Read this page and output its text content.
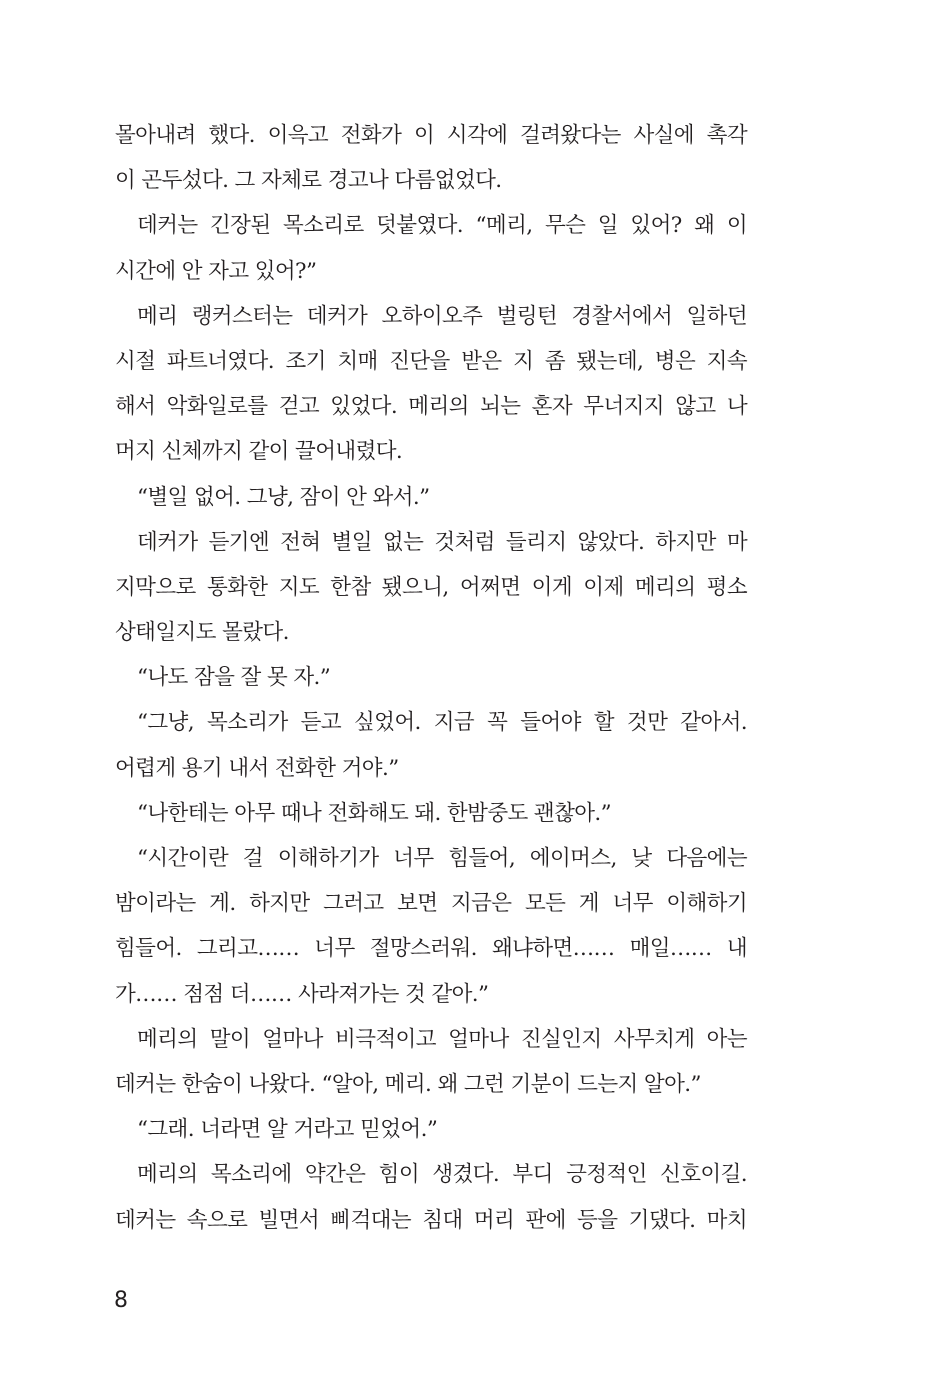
몰아내려 했다. 이윽고 전화가 이 시각에 걸려왔다는 사실에 촉각
이 곤두섰다. 그 자체로 경고나 다름없었다.
데커는 긴장된 목소리로 덧붙였다. “메리, 무슨 일 있어? 왜 이
시간에 안 자고 있어?”
메리 랭커스터는 데커가 오하이오주 벌링턴 경찰서에서 일하던
시절 파트너였다. 조기 치매 진단을 받은 지 좀 됐는데, 병은 지속
해서 악화일로를 걷고 있었다. 메리의 뇌는 혼자 무너지지 않고 나
머지 신체까지 같이 끌어내렸다.
“별일 없어. 그냥, 잠이 안 와서.”
데커가 듣기엔 전혀 별일 없는 것처럼 들리지 않았다. 하지만 마
지막으로 통화한 지도 한참 됐으니, 어쩌면 이게 이제 메리의 평소
상태일지도 몰랐다.
“나도 잠을 잘 못 자.”
“그냥, 목소리가 듣고 싶었어. 지금 꼭 들어야 할 것만 같아서.
어렵게 용기 내서 전화한 거야.”
“나한테는 아무 때나 전화해도 돼. 한밤중도 괜찮아.”
“시간이란 걸 이해하기가 너무 힘들어, 에이머스, 낮 다음에는
밤이라는 게. 하지만 그러고 보면 지금은 모든 게 너무 이해하기
힘들어. 그리고…… 너무 절망스러워. 왜냐하면…… 매일…… 내
가…… 점점 더…… 사라져가는 것 같아.”
메리의 말이 얼마나 비극적이고 얼마나 진실인지 사무치게 아는
데커는 한숨이 나왔다. “알아, 메리. 왜 그런 기분이 드는지 알아.”
“그래. 너라면 알 거라고 믿었어.”
메리의 목소리에 약간은 힘이 생겼다. 부디 긍정적인 신호이길.
데커는 속으로 빌면서 삐걱대는 침대 머리 판에 등을 기댔다. 마치
8
